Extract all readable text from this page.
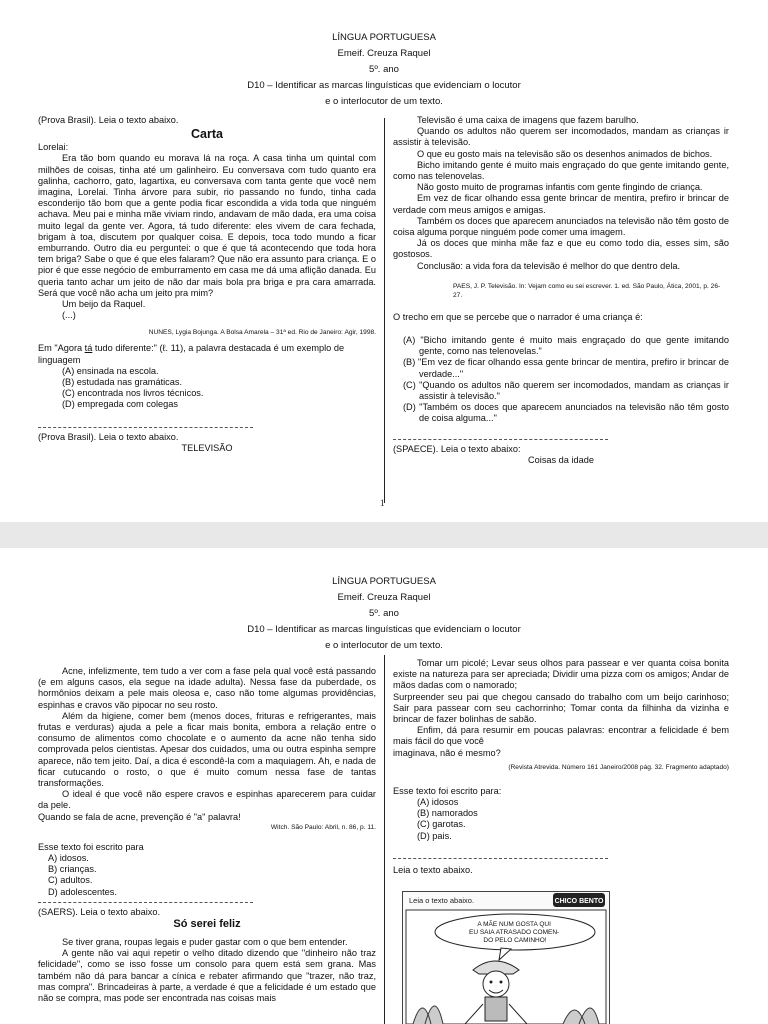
LÍNGUA PORTUGUESA
Emeif. Creuza Raquel
5º. ano
D10 – Identificar as marcas linguísticas que evidenciam o locutor
e o interlocutor de um texto.

(Prova Brasil). Leia o texto abaixo.

Carta

Lorelai:

Era tão bom quando eu morava lá na roça. A casa tinha um quintal com milhões de coisas, tinha até um galinheiro. Eu conversava com tudo quanto era galinha, cachorro, gato, lagartixa, eu conversava com tanta gente que você nem imagina, Lorelai. Tinha árvore para subir, rio passando no fundo, tinha cada esconderijo tão bom que a gente podia ficar escondida a vida toda que ninguém achava. Meu pai e minha mãe viviam rindo, andavam de mão dada, era uma coisa muito legal da gente ver. Agora, tá tudo diferente: eles vivem de cara fechada, brigam à toa, discutem por qualquer coisa. E depois, toca todo mundo a ficar emburrando. Outro dia eu perguntei: o que é que tá acontecendo que toda hora tem briga? Sabe o que é que eles falaram? Que não era assunto para criança. E o pior é que esse negócio de emburramento em casa me dá uma aflição danada. Eu queria tanto achar um jeito de não dar mais bola pra briga e pra cara amarrada. Será que você não acha um jeito pra mim?

Um beijo da Raquel.

(...)

NUNES, Lygia Bojunga. A Bolsa Amarela – 31ª ed. Rio de Janeiro: Agir, 1998.

Em "Agora tá tudo diferente:" (ℓ. 11), a palavra destacada é um exemplo de linguagem

(A) ensinada na escola.

(B) estudada nas gramáticas.

(C) encontrada nos livros técnicos.

(D) empregada com colegas

(Prova Brasil). Leia o texto abaixo.

TELEVISÃO

Televisão é uma caixa de imagens que fazem barulho.

Quando os adultos não querem ser incomodados, mandam as crianças ir assistir à televisão.

O que eu gosto mais na televisão são os desenhos animados de bichos.

Bicho imitando gente é muito mais engraçado do que gente imitando gente, como nas telenovelas.

Não gosto muito de programas infantis com gente fingindo de criança.

Em vez de ficar olhando essa gente brincar de mentira, prefiro ir brincar de verdade com meus amigos e amigas.

Também os doces que aparecem anunciados na televisão não têm gosto de coisa alguma porque ninguém pode comer uma imagem.

Já os doces que minha mãe faz e que eu como todo dia, esses sim, são gostosos.

Conclusão: a vida fora da televisão é melhor do que dentro dela.

PAES, J. P. Televisão. In: Vejam como eu sei escrever. 1. ed. São Paulo, Ática, 2001, p. 26-27.

O trecho em que se percebe que o narrador é uma criança é:

(A) "Bicho imitando gente é muito mais engraçado do que gente imitando gente, como nas telenovelas."

(B) "Em vez de ficar olhando essa gente brincar de mentira, prefiro ir brincar de verdade..."

(C) "Quando os adultos não querem ser incomodados, mandam as crianças ir assistir à televisão."

(D) "Também os doces que aparecem anunciados na televisão não têm gosto de coisa alguma..."

(SPAECE). Leia o texto abaixo:

Coisas da idade

1
LÍNGUA PORTUGUESA
Emeif. Creuza Raquel
5º. ano
D10 – Identificar as marcas linguísticas que evidenciam o locutor
e o interlocutor de um texto.

Acne, infelizmente, tem tudo a ver com a fase pela qual você está passando (e em alguns casos, ela segue na idade adulta). Nessa fase da puberdade, os hormônios deixam a pele mais oleosa e, caso não tome algumas providências, espinhas e cravos vão pipocar no seu rosto.

Além da higiene, comer bem (menos doces, frituras e refrigerantes, mais frutas e verduras) ajuda a pele a ficar mais bonita, embora a relação entre o consumo de alimentos como chocolate e o aumento da acne não tenha sido comprovada pelos cientistas. Apesar dos cuidados, uma ou outra espinha sempre aparece, não tem jeito. Daí, a dica é escondê-la com a maquiagem. Ah, e nada de ficar cutucando o rosto, o que é muito comum nessa fase de tantas transformações.

O ideal é que você não espere cravos e espinhas aparecerem para cuidar da pele.

Quando se fala de acne, prevenção é "a" palavra!

Witch. São Paulo: Abril, n. 86, p. 11.

Esse texto foi escrito para

A) idosos.

B) crianças.

C) adultos.

D) adolescentes.

(SAERS). Leia o texto abaixo.

Só serei feliz

Se tiver grana, roupas legais e puder gastar com o que bem entender.

A gente não vai aqui repetir o velho ditado dizendo que "dinheiro não traz felicidade", como se isso fosse um consolo para quem está sem grana. Mas também não dá para bancar a cínica e rebater afirmando que "trazer, não traz, mas compra". Brincadeiras à parte, a verdade é que a felicidade é um estado que não se compra, mas pode ser encontrada nas coisas mais

Tomar um picolé; Levar seus olhos para passear e ver quanta coisa bonita existe na natureza para ser apreciada; Dividir uma pizza com os amigos; Andar de mãos dadas com o namorado;

Surpreender seu pai que chegou cansado do trabalho com um beijo carinhoso; Sair para passear com seu cachorrinho; Tomar conta da filhinha da vizinha e brincar de fazer bolinhas de sabão.

Enfim, dá para resumir em poucas palavras: encontrar a felicidade é bem mais fácil do que você

imaginava, não é mesmo?

(Revista Atrevida. Número 161 Janeiro/2008 pág. 32. Fragmento adaptado)

Esse texto foi escrito para:

(A) idosos

(B) namorados

(C) garotas.

(D) pais.

Leia o texto abaixo.

Leia o texto abaixo.	CHICO BENTO
A MÃE NUM GOSTA QUI EU SAIA ATRASADO COMEN- DO PELO CAMINHO!
